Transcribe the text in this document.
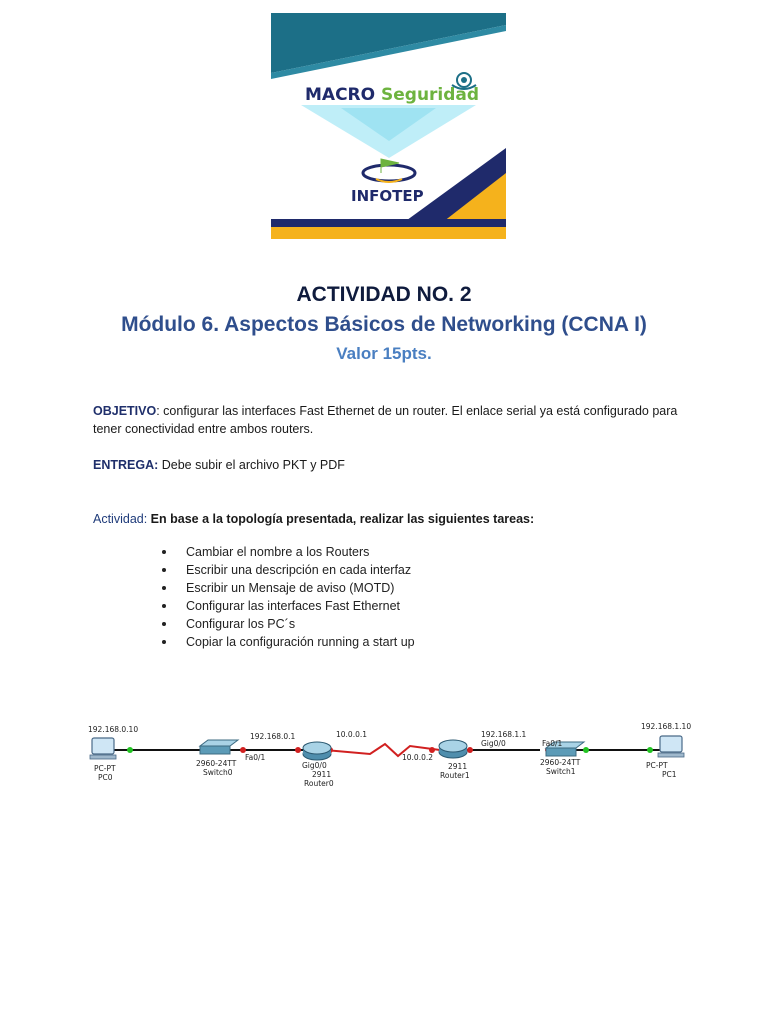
MACRO Seguridad
INFOTEP

ACTIVIDAD NO. 2

Módulo 6. Aspectos Básicos de Networking (CCNA I)

Valor 15pts.

OBJETIVO: configurar las interfaces Fast Ethernet de un router. El enlace serial ya está configurado para tener conectividad entre ambos routers.

ENTREGA: Debe subir el archivo PKT y PDF

Actividad: En base a la topología presentada, realizar las siguientes tareas:

Cambiar el nombre a los Routers
Escribir una descripción en cada interfaz
Escribir un Mensaje de aviso (MOTD)
Configurar las interfaces Fast Ethernet
Configurar los PC´s
Copiar la configuración running a start up
192.168.0.10
PC-PT
PC0
2960-24TT
Switch0
Fa0/1
192.168.0.1
Gig0/0
2911
Router0
10.0.0.1
10.0.0.2
2911
Router1
192.168.1.1
Gig0/0	Fa0/1
2960-24TT
Switch1
192.168.1.10
PC-PT
PC1
